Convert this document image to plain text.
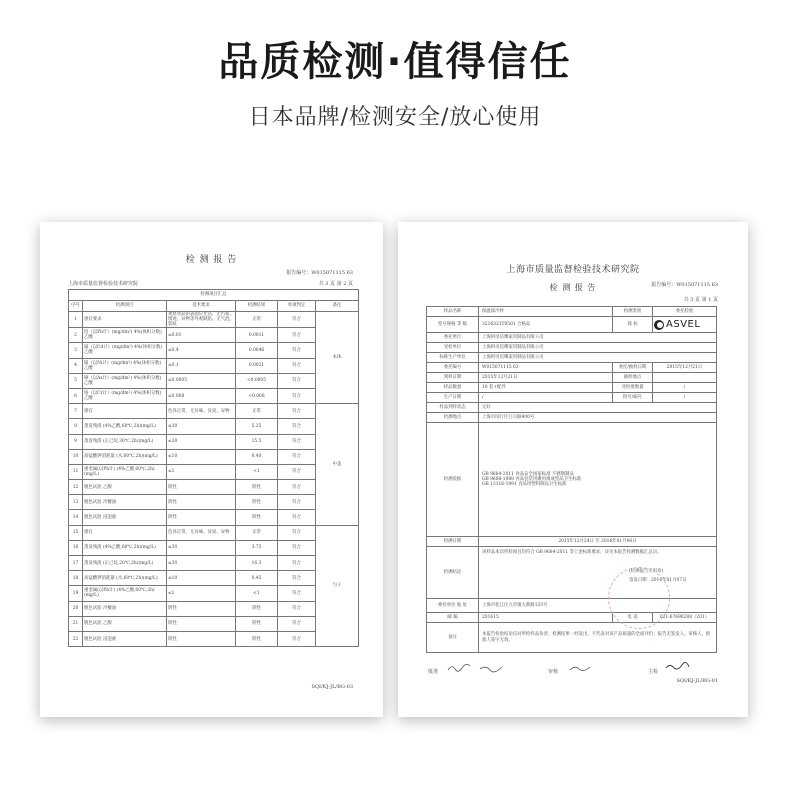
品质检测·值得信任
日本品牌/检测安全/放心使用
检 测 报 告
报告编号：W015071115 63
上海市质量监督检验技术研究院	共 3 页 第 2 页
检测项目汇总					
序号	检测项目	技术要求	检测结果	单项判定	备注
1	感官要求	观察食品的表面应光洁、无污垢、锈迹、异物等外观缺陷、无气泡、裂纹	正常	符合	本体
2	铅（以Pb计）(mg/dm²) 4%(体积分数)乙酸	≤0.01	0.0011	符合	
3	镉（以Cd计）(mg/dm²) 4%(体积分数)乙酸	≤0.4	0.0046	符合	
4	镍（以Ni计）(mg/dm²) 4%(体积分数)乙酸	≤0.1	0.0021	符合	
5	砷（以As计）(mg/dm²) 4%(体积分数)乙酸	≤0.0005	<0.0005	符合	
6	铬（以Cr计）(mg/dm²) 4%(体积分数)乙酸	≤0.008	<0.008	符合	
7	感官	色泽正常，无异味、异臭、异物	正常	符合	中盖
8	蒸发残渣 (4%乙酸,60℃,2h)(mg/L)	≤30	5.25	符合	
9	蒸发残渣 (正己烷,30℃,2h)(mg/L)	≤30	15.5	符合	
10	高锰酸钾消耗量 (水,60℃,2h)(mg/L)	≤10	0.40	符合	
11	重金属(以Pb计) (4%乙酸,60℃,2h)(mg/L)	≤1	<1	符合	
12	脱色试验 乙醇	阴性	阴性	符合	
13	脱色试验 冷餐油	阴性	阴性	符合	
14	脱色试验 浸泡液	阴性	阴性	符合	
15	感官	色泽正常，无异味、异臭、异物	正常	符合	勺子
16	蒸发残渣 (4%乙酸,60℃,2h)(mg/L)	≤30	3.75	符合	
17	蒸发残渣 (正己烷,20℃,2h)(mg/L)	≤30	16.3	符合	
18	高锰酸钾消耗量 (水,60℃,2h)(mg/L)	≤10	0.45	符合	
19	重金属(以Pb计) (4%乙酸,60℃,2h)(mg/L)	≤1	<1	符合	
20	脱色试验 冷餐油	阴性	阴性	符合	
21	脱色试验 乙醇	阴性	阴性	符合	
22	脱色试验 浸泡液	阴性	阴性	符合	
SQI/KJ-JL/BG-03
上海市质量监督检验技术研究院
检 测 报 告	报告编号：W015071115 63
共 3 页 第 1 页
样品名称	保温保冷杯	检测类别	委托检验
型号规格 等 级	3216321T0501 合格品	商 标	ASVEL

委托单位	上海阿司倍鹰家用制品有限公司		
受检单位	上海阿司倍鹰家用制品有限公司		
标称生产单位	上海阿司倍鹰家用制品有限公司		
委托编号	W015071115 63	委托/抽样日期	2015年12月21日
到样日期	2015年12月21日	抽样地点	
样品数量	10 套+配件	受检批数量	/
生产日期	/	批号/编号	/
样品到样状态	完好		
检测地点	上海市闵行区江川路900号		
检测依据	GB 9684-2011 食品安全国家标准 不锈钢制品
GB 9688-1988 食品包装用聚丙烯成型品卫生标准
GB 13116-1991 食品用塑料制品卫生标准		

检测日期	2015年12月24日 至 2016年01月06日		
检测结论	该样品本次所检项目均符合 GB 9684-2011 等上述标准要求，详见本报告检测数据汇总页。
(检测报告专用章)
签发日期：2016年01月07日		

委托单位 地 址	上海市松江区九亭镇九新路133号		
邮 编	201615	电 话	021-67696288（201）
备注	本报告检验结论仅对所检样品负责；检测结果一经发出，不代表对该产品质量的全面评价；报告无签发人、审核人、批准人签字无效。		
批准	审核	主检
SQI/KJ-JL/BG-01
